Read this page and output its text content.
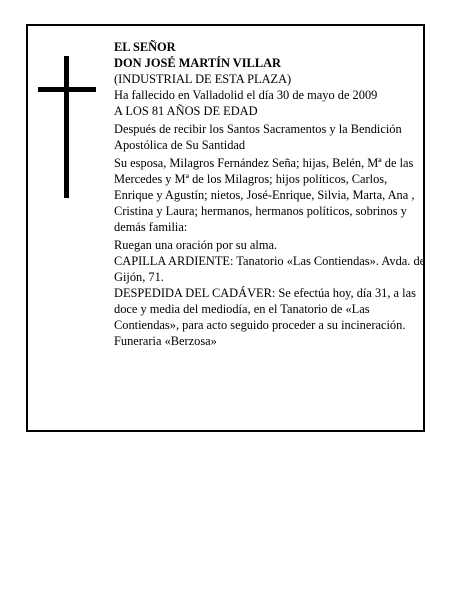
EL SEÑOR

DON JOSÉ MARTÍN VILLAR

(INDUSTRIAL DE ESTA PLAZA)

Ha fallecido en Valladolid el día 30 de mayo de 2009

A LOS 81 AÑOS DE EDAD

Después de recibir los Santos Sacramentos y la Bendición Apostólica de Su Santidad

Su esposa, Milagros Fernández Seña; hijas, Belén, Mª de las Mercedes y Mª de los Milagros; hijos políticos, Carlos, Enrique y Agustín; nietos, José-Enrique, Silvia, Marta, Ana , Cristina y Laura; hermanos, hermanos políticos, sobrinos y demás familia:

Ruegan una oración por su alma.

CAPILLA ARDIENTE: Tanatorio «Las Contiendas». Avda. de Gijón, 71.

DESPEDIDA DEL CADÁVER: Se efectúa hoy, día 31, a las doce y media del mediodía, en el Tanatorio de «Las Contiendas», para acto seguido proceder a su incineración.

Funeraria «Berzosa»
